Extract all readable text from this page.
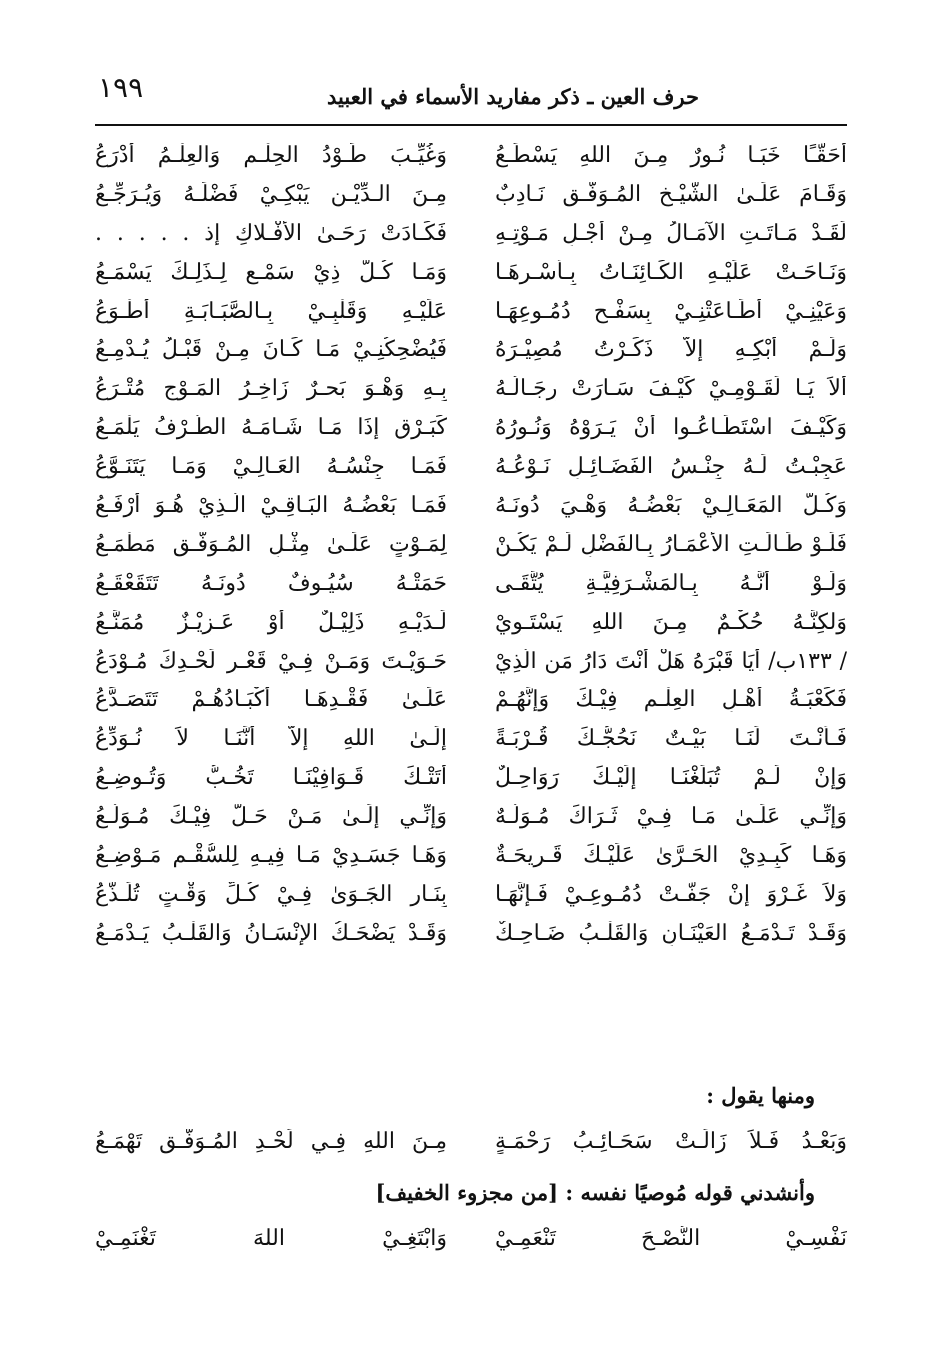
١٩٩	حرف العين ـ ذكر مفاريد الأسماء في العبيد
أَحَقّـًا خَبَـا نُـورٌ مِـنَ اللهِ يَسْطَـعُ
وَغُيِّـبَ طَـوْدُ الحِلْـمِ وَالعِلْـمُ أَدْرَعُ
وَقَـامَ عَلَـىٰ الشَّيْـخِ المُـوَفَّـقِ نَـادِبٌ
مِـنَ الـدِّيْـنِ يَبْكِـيْ فَضْلَـهُ وَيُـرَجِّـعُ
لَقَـدْ مَـاتَـتِ الآمَـالُ مِـنْ أَجْـلِ مَـوْتِـهِ
فَكَـادَتْ رَحَـىٰ الأَفْـلاكِ إِذ . . . . .
وَنَـاحَـتْ عَلَيْـهِ الكَـائِنَـاتُ بِـأَسْـرِهَـا
وَمَـا كُـلُّ ذِيْ سَمْـعٍ لِـذَلِـكَ يَسْمَـعُ
وَعَيْنِـيْ أَطَـاعَتْنِـيْ بِسَفْـحِ دُمُـوعِهَـا
عَلَيْـهِ وَقَلْبِـيْ بِـالصَّبَـابَـةِ أَطْـوَعُ
وَلَـمْ أَبْكِـهِ إِلاَّ ذَكَـرْتُ مُصِيْـرَهُ
فَيُضْحِكُنِـيْ مَـا كَـانَ مِـنْ قَبْـلُ يُـدْمِـعُ
أَلاَ يَـا لَقَـوْمِـيْ كَيْـفَ سَـارَتْ رِجَـالُـهُ
بِـهِ وَهْـوَ بَحـرٌ زَاخِـرُ المَـوْجِ مُتْـرَعُ
وَكَيْـفَ اسْتَطَـاعُـوا أَنْ يَـرَوْهُ وَنُـورُهُ
كَبَـرْقٍ إِذَا مَـا شَـامَـهُ الطَّـرْفُ يَلْمَـعُ
عَجِبْـتُ لَـهُ جِنْـسُ الفَضَـائِـلِ نَـوْعُـهُ
فَمَـا جِنْسُـهُ العَـالِـيْ وَمَـا يَتَنَـوَّعُ
وَكُـلُّ المَعَـالِـيْ بَعْضُـهُ وَهْـيَ دُونَـهُ
فَمَـا بَعْضُـهُ البَـاقِـيْ الَّـذِيْ هُـوَ أَرْفَـعُ
فَلَـوْ طَـالَـتِ الأَعْمَـارُ بِـالفَضْلِ لَـمْ يَكُـنْ
لِمَـوْتٍ عَلَـىٰ مِثْـلِ المُـوَفَّـقِ مَطْمَـعُ
وَلَـوْ أَنَّـهُ بِـالمَشْـرَفِيَّـةِ يُتَّقَـى
حَمَتْـهُ سُيُـوفٌ دُونَـهُ تَتَقَعْقَـعُ
وَلكِنَّـهُ حُكْـمٌ مِـنَ اللهِ يَسْتَـوِيْ
لَـدَيْـهِ ذَلِيْـلٌ أَوْ عَـزِيْـزٌ مُمَنَّـعُ
/ ١٣٣ب/ أَيَا قَبْرَهُ هَلْ أَنْتَ دَارُ مَنِ الَّذِيْ
حَـوَيْـتَ وَمَـنْ فِـيْ قَعْـرِ لَحْـدِكَ مُـوْدَعُ
فَكَعْبَـةُ أَهْـلِ العِلْـمِ فِيْـكَ وَإِنَّهُـمْ
عَلَـىٰ فَقْـدِهَـا أَكْبَـادُهُـمْ تَتَصَـدَّعُ
فَـأَنْـتَ لَنَـا بَيْـتٌ نَحُجُّـكَ قُـرْبَـةً
إِلَـىٰ اللهِ إِلاَّ أَنَّنَـا لاَ نُـوَدِّعُ
وَإِنْ لَـمْ تُبَلِّغْنَـا إِلَيْـكَ رَوَاحِـلٌ
أَتَتْـكَ قَـوَافِيْنَـا تَخُـبُّ وَتُـوضِـعُ
وَإِنِّـي عَلَـىٰ مَـا فِـيْ ثَـرَاكَ مُـوَلَّـهٌ
وَإِنِّـي إِلَـىٰ مَـنْ حَـلَّ فِيْـكَ مُـوَلَّـعُ
وَهَـا كَبِـدِيْ الحَـرَّىٰ عَلَيْـكَ قَـرِيحَـةٌ
وَهَـا جَسَـدِيْ مَـا فِيـهِ لِلسُّقْـمِ مَـوْضِـعُ
وَلاَ غَـرْوَ إِنْ جَفَّـتْ دُمُـوعِـيْ فَـإِنَّهَـا
بِنَـارِ الجَـوَىٰ فِـيْ كُـلِّ وَقْـتٍ تُلَـذَّعُ
وَقَـدْ تَـدْمَـعُ العَيْنَـانِ وَالقَلْـبُ ضَـاحِـكٌ
وَقَـدْ يَضْحَـكُ الإِنْسَـانُ وَالقَلْـبُ يَـدْمَـعُ
ومنها يقول :
وَبَعْـدُ فَـلاَ زَالَـتْ سَحَـائِـبُ رَحْمَـةٍ
مِـنَ اللهِ فِـي لَحْـدِ المُـوَفَّـقِ تَهْمَـعُ
وأنشدني قوله مُوصيًا نفسه : [من مجزوء الخفيف]
نَفْسِـيْ النُّصْـحَ تَنْعَمِـيْ
وَابْتَغِـيْ اللهَ تَغْنَمِـيْ
